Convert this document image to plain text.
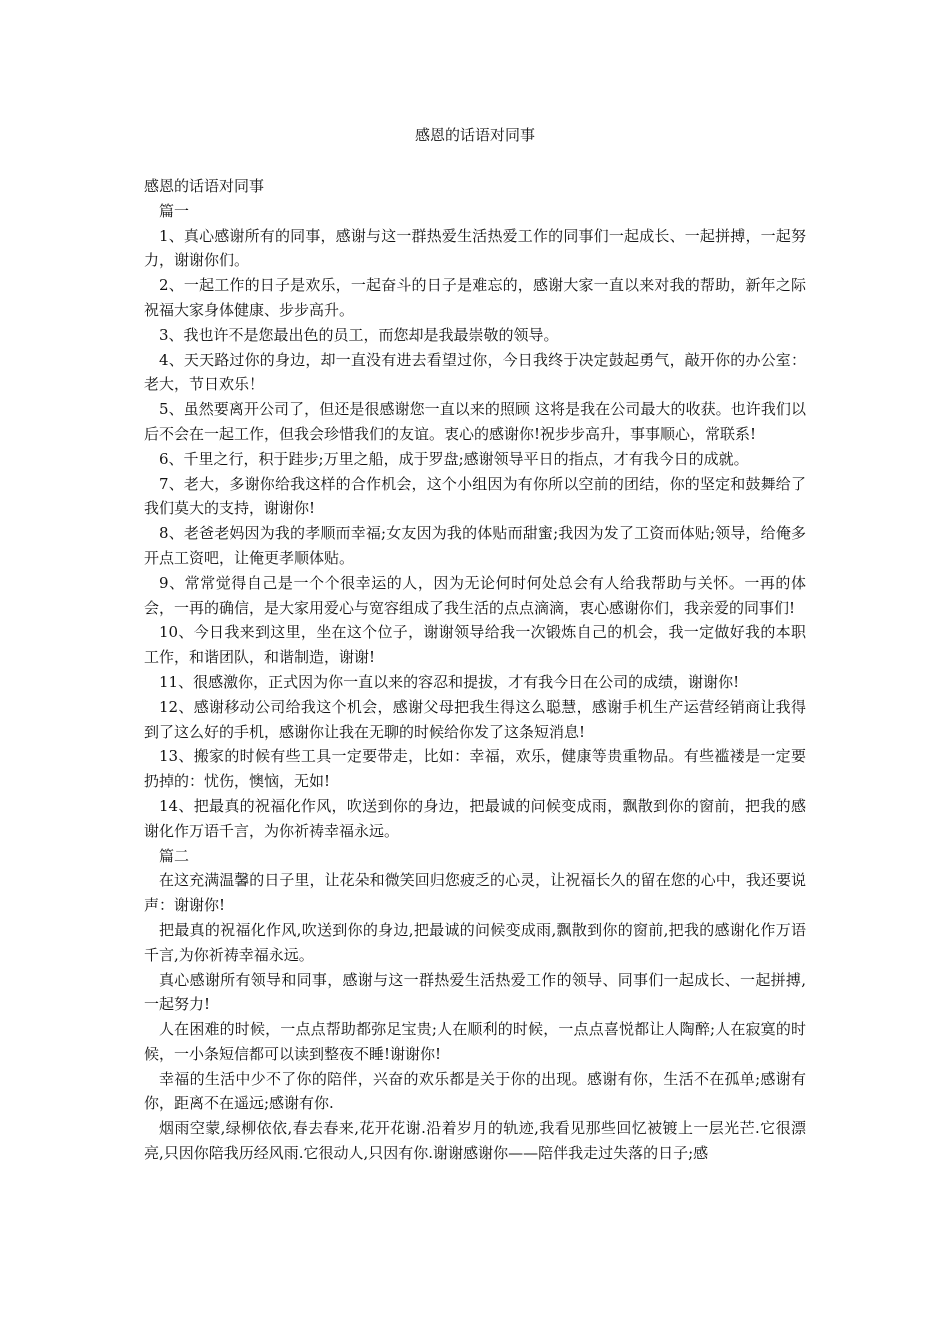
感恩的话语对同事

感恩的话语对同事

篇一

1、真心感谢所有的同事，感谢与这一群热爱生活热爱工作的同事们一起成长、一起拼搏，一起努力，谢谢你们。

2、一起工作的日子是欢乐，一起奋斗的日子是难忘的，感谢大家一直以来对我的帮助，新年之际祝福大家身体健康、步步高升。

3、我也许不是您最出色的员工，而您却是我最崇敬的领导。

4、天天路过你的身边，却一直没有进去看望过你，今日我终于决定鼓起勇气，敲开你的办公室：老大，节日欢乐！

5、虽然要离开公司了，但还是很感谢您一直以来的照顾 这将是我在公司最大的收获。也许我们以后不会在一起工作，但我会珍惜我们的友谊。衷心的感谢你!祝步步高升，事事顺心，常联系!

6、千里之行，积于跬步;万里之船，成于罗盘;感谢领导平日的指点，才有我今日的成就。

7、老大，多谢你给我这样的合作机会，这个小组因为有你所以空前的团结，你的坚定和鼓舞给了我们莫大的支持，谢谢你!

8、老爸老妈因为我的孝顺而幸福;女友因为我的体贴而甜蜜;我因为发了工资而体贴;领导，给俺多开点工资吧，让俺更孝顺体贴。

9、常常觉得自己是一个个很幸运的人，因为无论何时何处总会有人给我帮助与关怀。一再的体会，一再的确信，是大家用爱心与宽容组成了我生活的点点滴滴，衷心感谢你们，我亲爱的同事们!

10、今日我来到这里，坐在这个位子，谢谢领导给我一次锻炼自己的机会，我一定做好我的本职工作，和谐团队，和谐制造，谢谢!

11、很感激你，正式因为你一直以来的容忍和提拔，才有我今日在公司的成绩，谢谢你!

12、感谢移动公司给我这个机会，感谢父母把我生得这么聪慧，感谢手机生产运营经销商让我得到了这么好的手机，感谢你让我在无聊的时候给你发了这条短消息!

13、搬家的时候有些工具一定要带走，比如：幸福，欢乐，健康等贵重物品。有些褴褛是一定要扔掉的：忧伤，懊恼，无如!

14、把最真的祝福化作风，吹送到你的身边，把最诚的问候变成雨，飘散到你的窗前，把我的感谢化作万语千言，为你祈祷幸福永远。

篇二

在这充满温馨的日子里，让花朵和微笑回归您疲乏的心灵，让祝福长久的留在您的心中，我还要说声：谢谢你!

把最真的祝福化作风,吹送到你的身边,把最诚的问候变成雨,飘散到你的窗前,把我的感谢化作万语千言,为你祈祷幸福永远。

真心感谢所有领导和同事，感谢与这一群热爱生活热爱工作的领导、同事们一起成长、一起拼搏,一起努力!

人在困难的时候，一点点帮助都弥足宝贵;人在顺利的时候，一点点喜悦都让人陶醉;人在寂寞的时候，一小条短信都可以读到整夜不睡!谢谢你!

幸福的生活中少不了你的陪伴，兴奋的欢乐都是关于你的出现。感谢有你，生活不在孤单;感谢有你，距离不在遥远;感谢有你.

烟雨空蒙,绿柳依依,春去春来,花开花谢.沿着岁月的轨迹,我看见那些回忆被镀上一层光芒.它很漂亮,只因你陪我历经风雨.它很动人,只因有你.谢谢感谢你——陪伴我走过失落的日子;感
